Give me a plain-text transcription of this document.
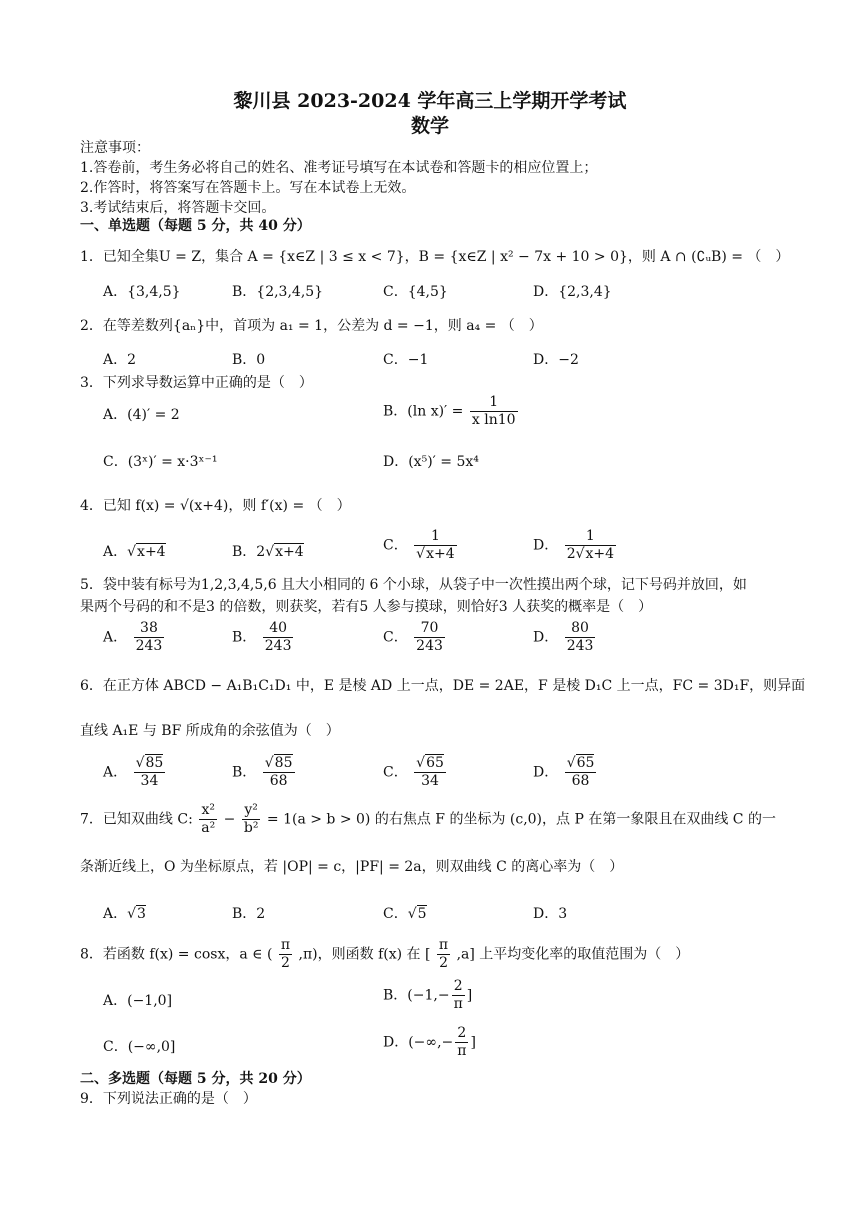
黎川县 2023-2024 学年高三上学期开学考试
数学
注意事项：
1.答卷前，考生务必将自己的姓名、准考证号填写在本试卷和答题卡的相应位置上；
2.作答时，将答案写在答题卡上。写在本试卷上无效。
3.考试结束后，将答题卡交回。
一、单选题（每题 5 分，共 40 分）
1．已知全集U = Z，集合 A = {x∈Z | 3 ≤ x < 7}，B = {x∈Z | x² − 7x + 10 > 0}，则 A ∩ (∁ᵤB) = （　）
A．{3,4,5}	B．{2,3,4,5}	C．{4,5}	D．{2,3,4}
2．在等差数列{aₙ}中，首项为 a₁ = 1，公差为 d = −1，则 a₄ = （　）
A．2	B．0	C．−1	D．−2
3．下列求导数运算中正确的是（　）
A．(4)′ = 2	B．(ln $x)' = \frac{1}{\text{x ln10}}$
C．(3ˣ)′ = x·3ˣ⁻¹	D．(x⁵)′ = 5x⁴
4．已知 f(x) = √(x+4)，则 f′(x) = （　）
A．√x+4	B．2√x+4	C． $\frac{1}{√x+4}$	D． $\frac{1}{2√x+4}$
5．袋中装有标号为1,2,3,4,5,6 且大小相同的 6 个小球，从袋子中一次性摸出两个球，记下号码并放回，如
果两个号码的和不是3 的倍数，则获奖，若有5 人参与摸球，则恰好3 人获奖的概率是（　）
A． $\frac{38}{243}$	B． $\frac{40}{243}$	C． $\frac{70}{243}$	D． $\frac{80}{243}$
6．在正方体 ABCD − A₁B₁C₁D₁ 中，E 是棱 AD 上一点，DE = 2AE，F 是棱 D₁C 上一点，FC = 3D₁F，则异面
直线 A₁E 与 BF 所成角的余弦值为（　）
A． $\frac{√85}{34}$	B． $\frac{√85}{68}$	C． $\frac{√65}{34}$	D． $\frac{√65}{68}$
7．已知双曲线 C: $\frac{\text{x²}}{\text{a²}} - \frac{\text{y²}}{\text{b²}} = 1(a > b > 0)$ 的右焦点 F 的坐标为 (c,0)，点 P 在第一象限且在双曲线 C 的一
条渐近线上，O 为坐标原点，若 |OP| = c，|PF| = 2a，则双曲线 C 的离心率为（　）
A．√3	B．2	C．√5	D．3
8．若函数 f(x) = cosx，a ∈ ( $\frac{\pi}{2} ,\pi$)，则函数 f(x) 在 [ $\frac{\pi}{2} ,a$] 上平均变化率的取值范围为（　）
A．(−1,0]	B．($-1,- \frac{2}{\pi}$ ]
C．(−∞,0]	D．(−∞,− $\frac{2}{\pi}$ ]
二、多选题（每题 5 分，共 20 分）
9．下列说法正确的是（　）
